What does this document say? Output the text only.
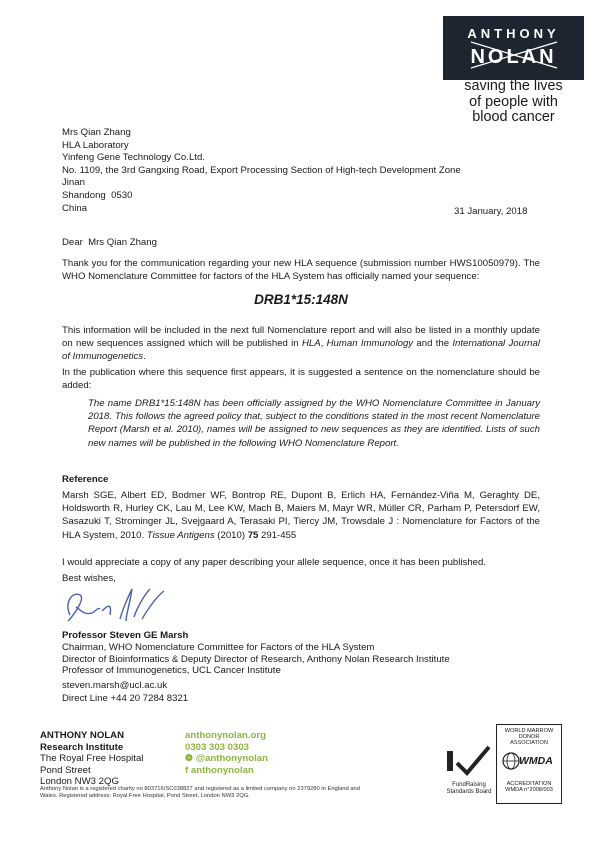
ANTHONY
NOLAN
saving the lives
of people with
blood cancer
Mrs Qian Zhang
HLA Laboratory
Yinfeng Gene Technology Co.Ltd.
No. 1109, the 3rd Gangxing Road, Export Processing Section of High-tech Development Zone
Jinan
Shandong  0530
China	31 January, 2018
Dear  Mrs Qian Zhang
Thank you for the communication regarding your new HLA sequence (submission number HWS10050979). The WHO Nomenclature Committee for factors of the HLA System has officially named your sequence:
DRB1*15:148N
This information will be included in the next full Nomenclature report and will also be listed in a monthly update on new sequences assigned which will be published in HLA, Human Immunology and the International Journal of Immunogenetics.
In the publication where this sequence first appears, it is suggested a sentence on the nomenclature should be added:
The name DRB1*15:148N has been officially assigned by the WHO Nomenclature Committee in January 2018. This follows the agreed policy that, subject to the conditions stated in the most recent Nomenclature Report (Marsh et al. 2010), names will be assigned to new sequences as they are identified. Lists of such new names will be published in the following WHO Nomenclature Report.
Reference
Marsh SGE, Albert ED, Bodmer WF, Bontrop RE, Dupont B, Erlich HA, Fernández-Viña M, Geraghty DE, Holdsworth R, Hurley CK, Lau M, Lee KW, Mach B, Maiers M, Mayr WR, Müller CR, Parham P, Petersdorf EW, Sasazuki T, Strominger JL, Svejgaard A, Terasaki PI, Tiercy JM, Trowsdale J : Nomenclature for Factors of the HLA System, 2010. Tissue Antigens (2010) 75 291-455
I would appreciate a copy of any paper describing your allele sequence, once it has been published.
Best wishes,
Professor Steven GE Marsh
Chairman, WHO Nomenclature Committee for Factors of the HLA System
Director of Bioinformatics & Deputy Director of Research, Anthony Nolan Research Institute
Professor of Immunogenetics, UCL Cancer Institute
steven.marsh@ucl.ac.uk
Direct Line +44 20 7284 8321
ANTHONY NOLAN
Research Institute
The Royal Free Hospital
Pond Street
London NW3 2QG
anthonynolan.org
0303 303 0303
❁ @anthonynolan
f anthonynolan
Anthony Nolan is a registered charity no 803716/SC038827 and registered as a limited company no 2379280 in England and Wales. Registered address: Royal Free Hospital, Pond Street, London NW3 2QG.
FundRaising
Standards Board
WORLD MARROW
DONOR
ASSOCIATION
WMDA
ACCREDITATION
WMDA n°2008/003
